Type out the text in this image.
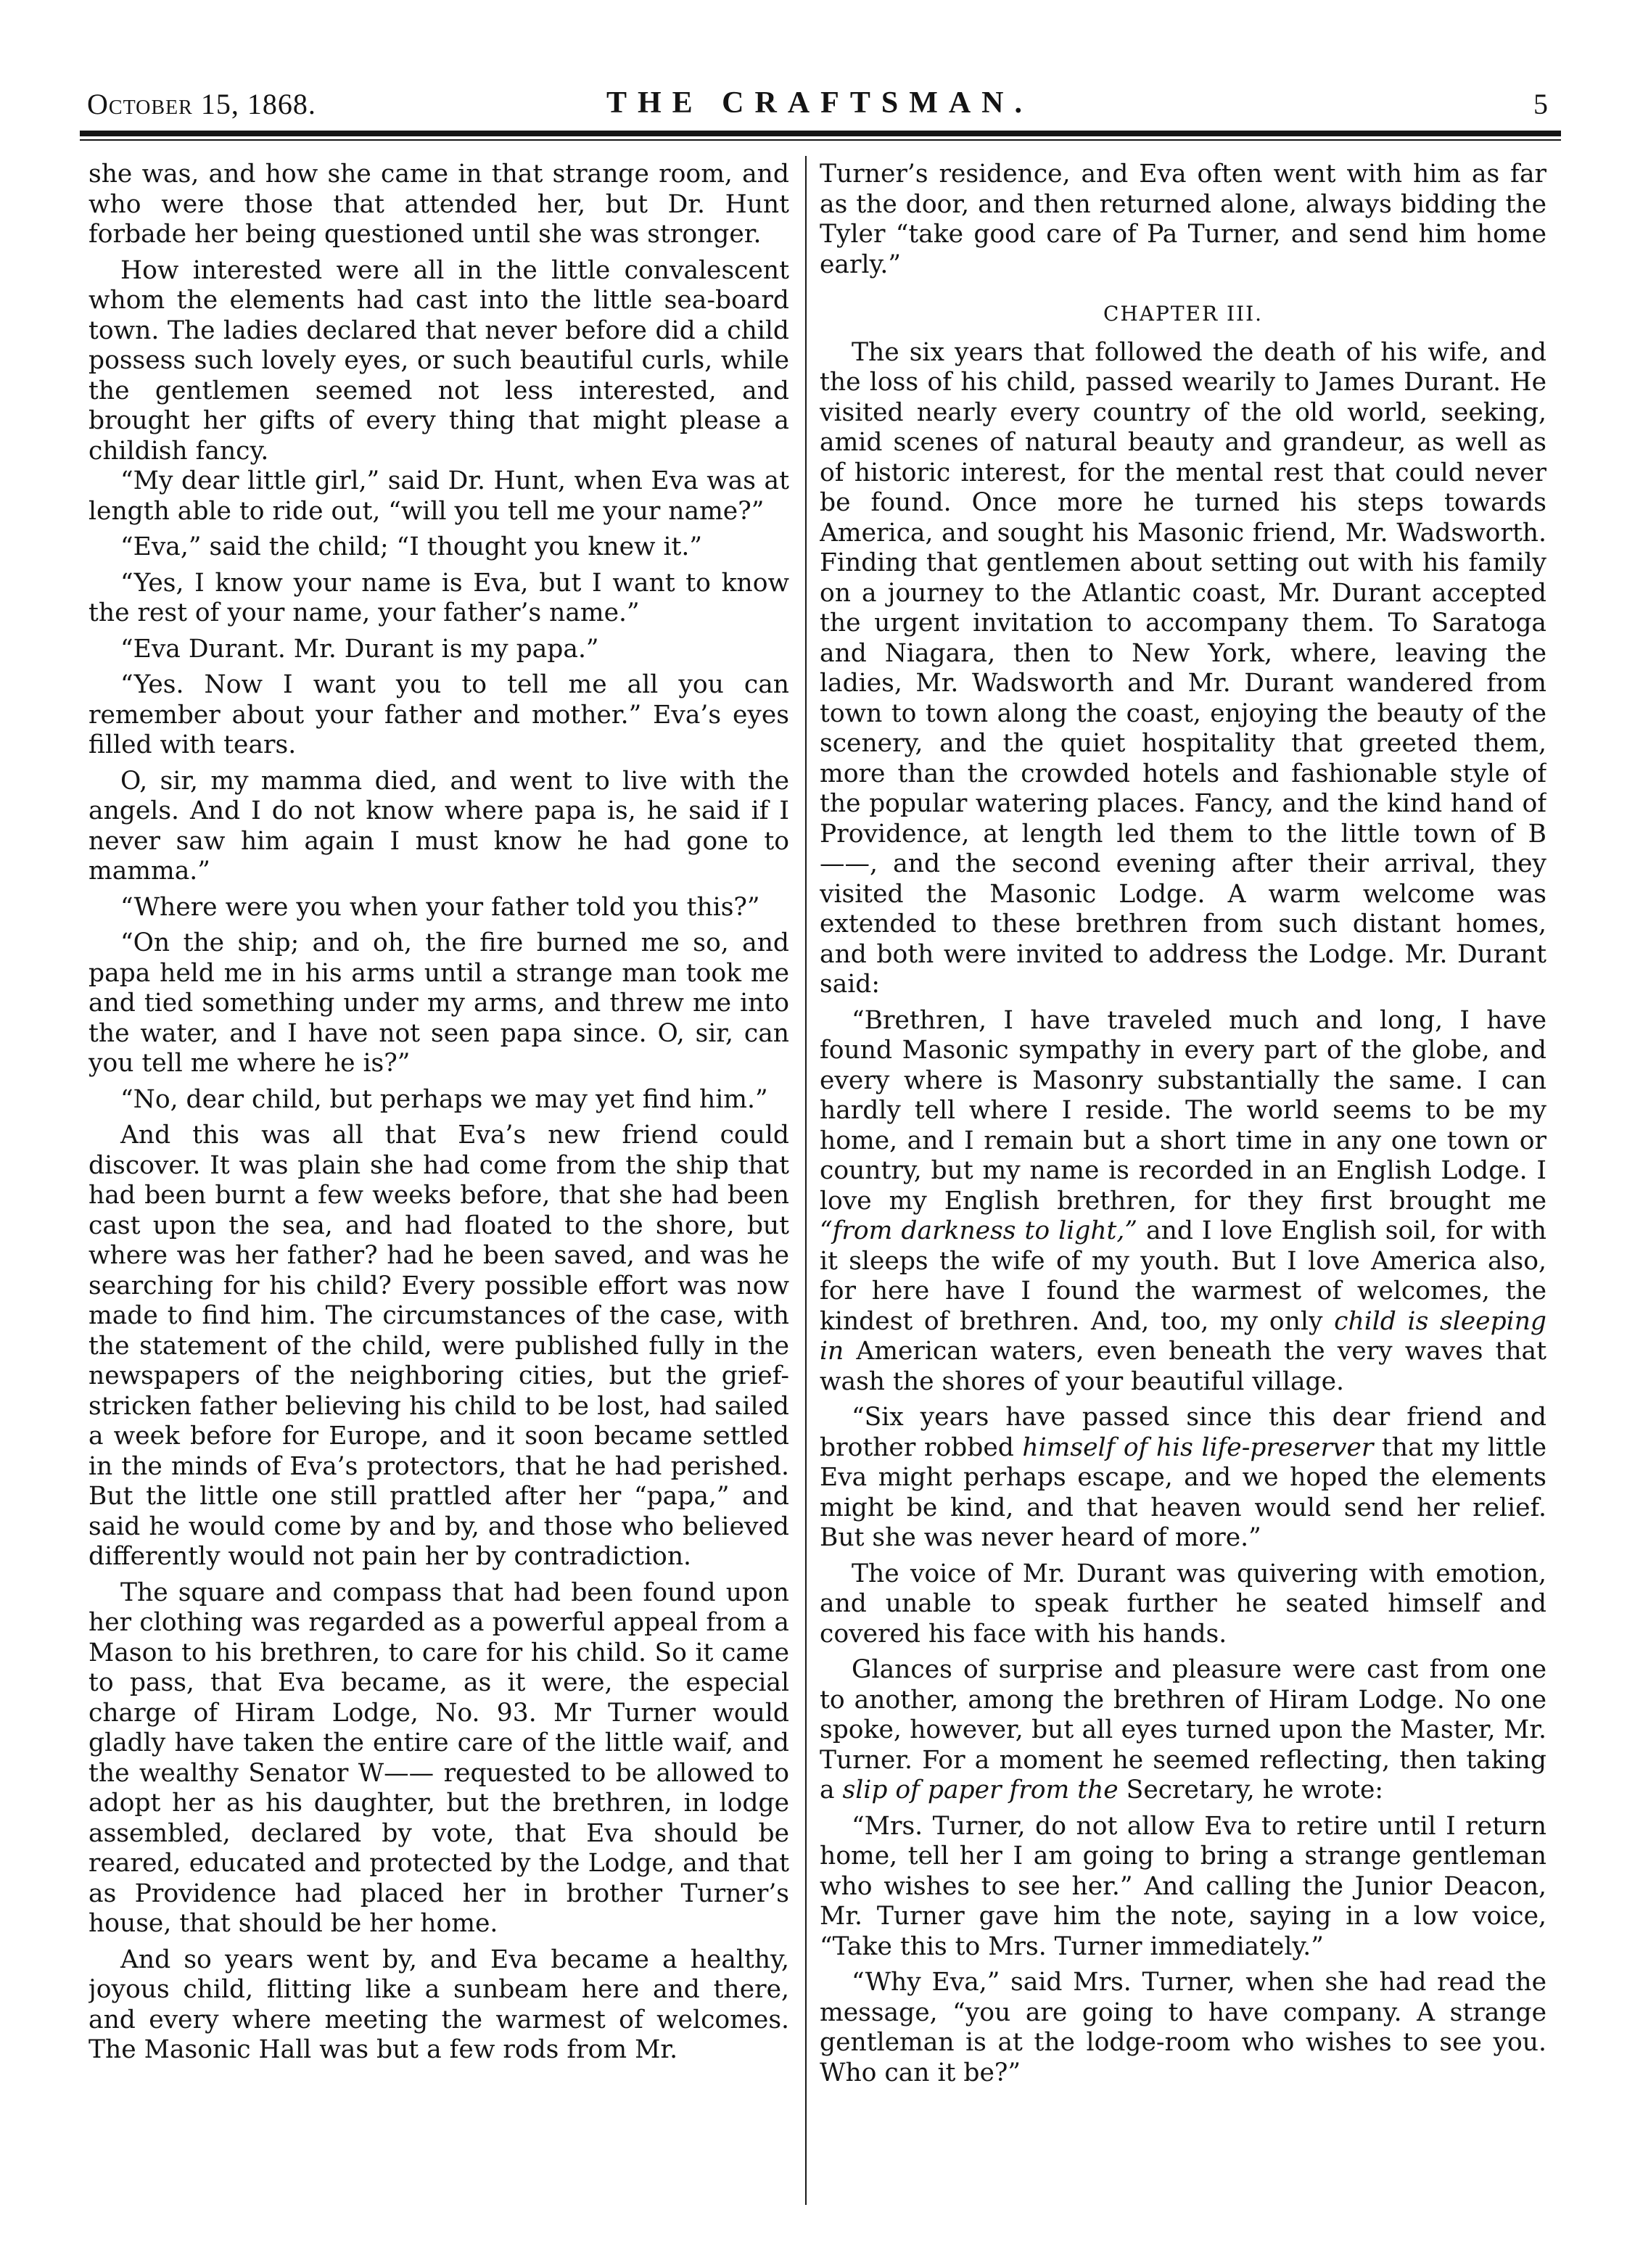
October 15, 1868.	THE CRAFTSMAN.	5

she was, and how she came in that strange room, and who were those that attended her, but Dr. Hunt forbade her being questioned until she was stronger.

How interested were all in the little convalescent whom the elements had cast into the little sea-board town. The ladies declared that never before did a child possess such lovely eyes, or such beautiful curls, while the gentlemen seemed not less interested, and brought her gifts of every thing that might please a childish fancy.

“My dear little girl,” said Dr. Hunt, when Eva was at length able to ride out, “will you tell me your name?”

“Eva,” said the child; “I thought you knew it.”

“Yes, I know your name is Eva, but I want to know the rest of your name, your father’s name.”

“Eva Durant. Mr. Durant is my papa.”

“Yes. Now I want you to tell me all you can remember about your father and mother.” Eva’s eyes filled with tears.

O, sir, my mamma died, and went to live with the angels. And I do not know where papa is, he said if I never saw him again I must know he had gone to mamma.”

“Where were you when your father told you this?”

“On the ship; and oh, the fire burned me so, and papa held me in his arms until a strange man took me and tied something under my arms, and threw me into the water, and I have not seen papa since. O, sir, can you tell me where he is?”

“No, dear child, but perhaps we may yet find him.”

And this was all that Eva’s new friend could discover. It was plain she had come from the ship that had been burnt a few weeks before, that she had been cast upon the sea, and had floated to the shore, but where was her father? had he been saved, and was he searching for his child? Every possible effort was now made to find him. The circumstances of the case, with the statement of the child, were published fully in the newspapers of the neighboring cities, but the grief-stricken father believing his child to be lost, had sailed a week before for Europe, and it soon became settled in the minds of Eva’s protectors, that he had perished. But the little one still prattled after her “papa,” and said he would come by and by, and those who believed differently would not pain her by contradiction.

The square and compass that had been found upon her clothing was regarded as a powerful appeal from a Mason to his brethren, to care for his child. So it came to pass, that Eva became, as it were, the especial charge of Hiram Lodge, No. 93. Mr Turner would gladly have taken the entire care of the little waif, and the wealthy Senator W—— requested to be allowed to adopt her as his daughter, but the brethren, in lodge assembled, declared by vote, that Eva should be reared, educated and protected by the Lodge, and that as Providence had placed her in brother Turner’s house, that should be her home.

And so years went by, and Eva became a healthy, joyous child, flitting like a sunbeam here and there, and every where meeting the warmest of welcomes. The Masonic Hall was but a few rods from Mr.

Turner’s residence, and Eva often went with him as far as the door, and then returned alone, always bidding the Tyler “take good care of Pa Turner, and send him home early.”

CHAPTER III.

The six years that followed the death of his wife, and the loss of his child, passed wearily to James Durant. He visited nearly every country of the old world, seeking, amid scenes of natural beauty and grandeur, as well as of historic interest, for the mental rest that could never be found. Once more he turned his steps towards America, and sought his Masonic friend, Mr. Wadsworth. Finding that gentlemen about setting out with his family on a journey to the Atlantic coast, Mr. Durant accepted the urgent invitation to accompany them. To Saratoga and Niagara, then to New York, where, leaving the ladies, Mr. Wadsworth and Mr. Durant wandered from town to town along the coast, enjoying the beauty of the scenery, and the quiet hospitality that greeted them, more than the crowded hotels and fashionable style of the popular watering places. Fancy, and the kind hand of Providence, at length led them to the little town of B——, and the second evening after their arrival, they visited the Masonic Lodge. A warm welcome was extended to these brethren from such distant homes, and both were invited to address the Lodge. Mr. Durant said:

“Brethren, I have traveled much and long, I have found Masonic sympathy in every part of the globe, and every where is Masonry substantially the same. I can hardly tell where I reside. The world seems to be my home, and I remain but a short time in any one town or country, but my name is recorded in an English Lodge. I love my English brethren, for they first brought me “from darkness to light,” and I love English soil, for with it sleeps the wife of my youth. But I love America also, for here have I found the warmest of welcomes, the kindest of brethren. And, too, my only child is sleeping in American waters, even beneath the very waves that wash the shores of your beautiful village.

“Six years have passed since this dear friend and brother robbed himself of his life-preserver that my little Eva might perhaps escape, and we hoped the elements might be kind, and that heaven would send her relief. But she was never heard of more.”

The voice of Mr. Durant was quivering with emotion, and unable to speak further he seated himself and covered his face with his hands.

Glances of surprise and pleasure were cast from one to another, among the brethren of Hiram Lodge. No one spoke, however, but all eyes turned upon the Master, Mr. Turner. For a moment he seemed reflecting, then taking a slip of paper from the Secretary, he wrote:

“Mrs. Turner, do not allow Eva to retire until I return home, tell her I am going to bring a strange gentleman who wishes to see her.” And calling the Junior Deacon, Mr. Turner gave him the note, saying in a low voice, “Take this to Mrs. Turner immediately.”

“Why Eva,” said Mrs. Turner, when she had read the message, “you are going to have company. A strange gentleman is at the lodge-room who wishes to see you. Who can it be?”
